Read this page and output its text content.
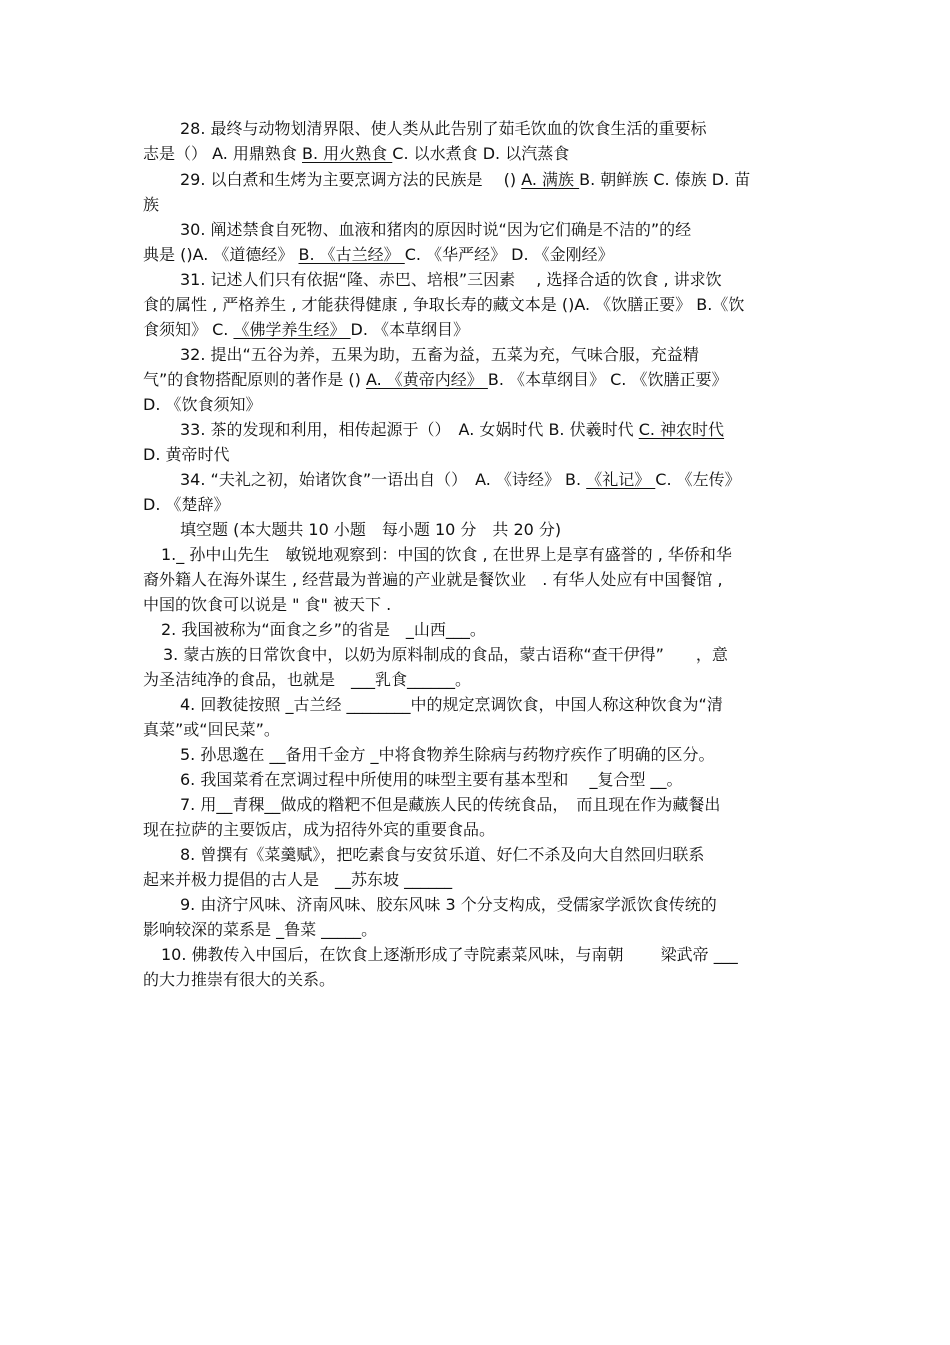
28. 最终与动物划清界限、使人类从此告别了茹毛饮血的饮食生活的重要标
志是（） A. 用鼎熟食 B. 用火熟食 C. 以水煮食 D. 以汽蒸食
29. 以白煮和生烤为主要烹调方法的民族是　 () A. 满族 B. 朝鲜族 C. 傣族 D. 苗
族
30. 阐述禁食自死物、血液和猪肉的原因时说“因为它们确是不洁的”的经
典是 ()A. 《道德经》 B. 《古兰经》 C. 《华严经》 D. 《金刚经》
31. 记述人们只有依据“隆、赤巴、培根”三因素　 , 选择合适的饮食 , 讲求饮
食的属性 , 严格养生 , 才能获得健康 , 争取长寿的藏文本是 ()A. 《饮膳正要》 B.《饮
食须知》 C. 《佛学养生经》 D. 《本草纲目》
32. 提出“五谷为养，五果为助，五畜为益，五菜为充，气味合服，充益精
气”的食物搭配原则的著作是 () A. 《黄帝内经》 B. 《本草纲目》 C. 《饮膳正要》
D. 《饮食须知》
33. 茶的发现和利用，相传起源于（）　A. 女娲时代 B. 伏羲时代 C. 神农时代
D. 黄帝时代
34. “夫礼之初，始诸饮食”一语出自（）　A. 《诗经》 B. 《礼记》 C. 《左传》
D. 《楚辞》
填空题 (本大题共 10 小题　每小题 10 分　共 20 分)
1._ 孙中山先生　敏锐地观察到：中国的饮食 , 在世界上是享有盛誉的 , 华侨和华
裔外籍人在海外谋生 , 经营最为普遍的产业就是餐饮业　. 有华人处应有中国餐馆 ,
中国的饮食可以说是 " 食" 被天下 .
2. 我国被称为“面食之乡”的省是　_山西___。
3. 蒙古族的日常饮食中，以奶为原料制成的食品，蒙古语称“查干伊得”　　，意
为圣洁纯净的食品，也就是　___乳食______。
4. 回教徒按照 _古兰经 ________中的规定烹调饮食，中国人称这种饮食为“清
真菜”或“回民菜”。
5. 孙思邈在 __备用千金方 _中将食物养生除病与药物疗疾作了明确的区分。
6. 我国菜肴在烹调过程中所使用的味型主要有基本型和　 _复合型 __。
7. 用__青稞__做成的糌粑不但是藏族人民的传统食品，　而且现在作为藏餐出
现在拉萨的主要饭店，成为招待外宾的重要食品。
8. 曾撰有《菜羹赋》，把吃素食与安贫乐道、好仁不杀及向大自然回归联系
起来并极力提倡的古人是　__苏东坡 ______
9. 由济宁风味、济南风味、胶东风味 3 个分支构成，受儒家学派饮食传统的
影响较深的菜系是 _鲁菜 _____。
10. 佛教传入中国后，在饮食上逐渐形成了寺院素菜风味，与南朝　　 梁武帝 ___
的大力推崇有很大的关系。
